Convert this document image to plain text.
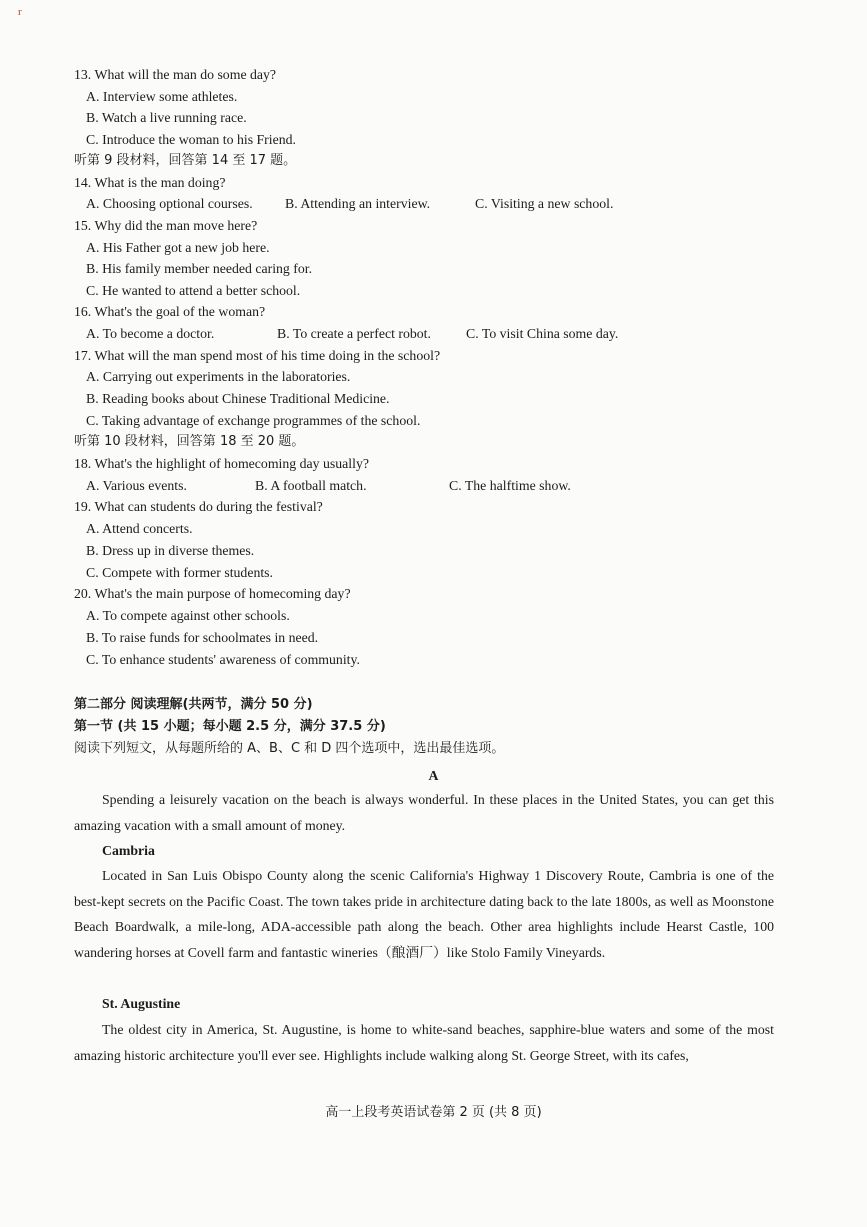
r
13. What will the man do some day?
A. Interview some athletes.
B. Watch a live running race.
C. Introduce the woman to his Friend.
听第 9 段材料，回答第 14 至 17 题。
14. What is the man doing?
A. Choosing optional courses. B. Attending an interview.	C. Visiting a new school.
15. Why did the man move here?
A. His Father got a new job here.
B. His family member needed caring for.
C. He wanted to attend a better school.
16. What's the goal of the woman?
A. To become a doctor.	B. To create a perfect robot.	C. To visit China some day.
17. What will the man spend most of his time doing in the school?
A. Carrying out experiments in the laboratories.
B. Reading books about Chinese Traditional Medicine.
C. Taking advantage of exchange programmes of the school.
听第 10 段材料，回答第 18 至 20 题。
18. What's the highlight of homecoming day usually?
A. Various events.	B. A football match.	C. The halftime show.
19. What can students do during the festival?
A. Attend concerts.
B. Dress up in diverse themes.
C. Compete with former students.
20. What's the main purpose of homecoming day?
A. To compete against other schools.
B. To raise funds for schoolmates in need.
C. To enhance students' awareness of community.
第二部分 阅读理解(共两节，满分 50 分)
第一节 (共 15 小题；每小题 2.5 分，满分 37.5 分)
阅读下列短文，从每题所给的 A、B、C 和 D 四个选项中，选出最佳选项。
A
Spending a leisurely vacation on the beach is always wonderful. In these places in the United States, you can get this amazing vacation with a small amount of money.
Cambria
Located in San Luis Obispo County along the scenic California's Highway 1 Discovery Route, Cambria is one of the best-kept secrets on the Pacific Coast. The town takes pride in architecture dating back to the late 1800s, as well as Moonstone Beach Boardwalk, a mile-long, ADA-accessible path along the beach. Other area highlights include Hearst Castle, 100 wandering horses at Covell farm and fantastic wineries（酿酒厂）like Stolo Family Vineyards.
St. Augustine
The oldest city in America, St. Augustine, is home to white-sand beaches, sapphire-blue waters and some of the most amazing historic architecture you'll ever see. Highlights include walking along St. George Street, with its cafes,
高一上段考英语试卷第 2 页 (共 8 页)
